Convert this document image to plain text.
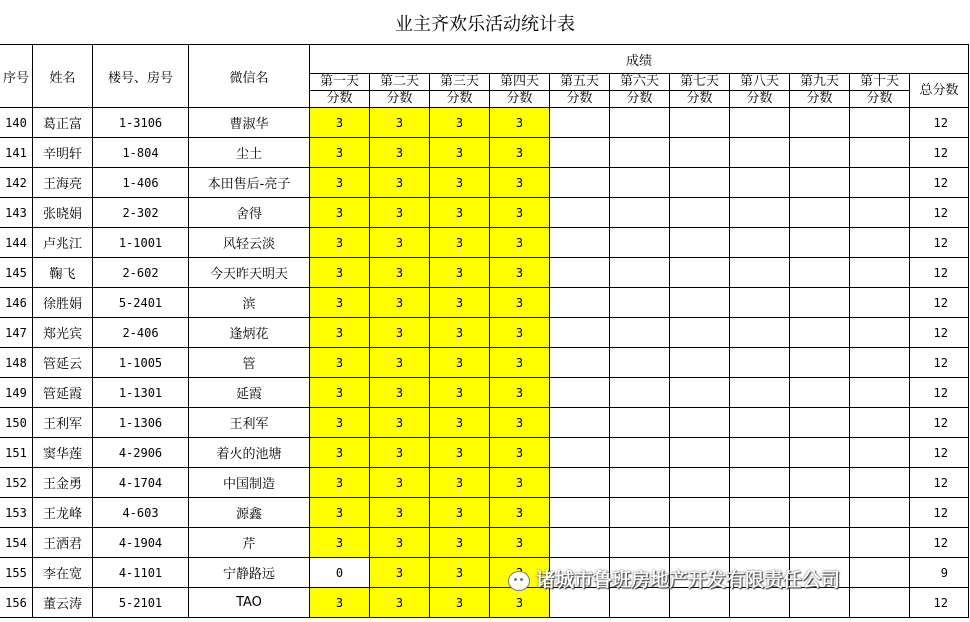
业主齐欢乐活动统计表
序号	姓名	楼号、房号	微信名	成绩										
				第一天	第二天	第三天	第四天	第五天	第六天	第七天	第八天	第九天	第十天	总分数
				分数	分数	分数	分数	分数	分数	分数	分数	分数	分数	
140	葛正富	1-3106	曹淑华	3	3	3	3							12
141	辛明轩	1-804	尘土	3	3	3	3							12
142	王海亮	1-406	本田售后-亮子	3	3	3	3							12
143	张晓娟	2-302	舍得	3	3	3	3							12
144	卢兆江	1-1001	风轻云淡	3	3	3	3							12
145	鞠飞	2-602	今天昨天明天	3	3	3	3							12
146	徐胜娟	5-2401	滨	3	3	3	3							12
147	郑光宾	2-406	逢炳花	3	3	3	3							12
148	管延云	1-1005	管	3	3	3	3							12
149	管延霞	1-1301	延霞	3	3	3	3							12
150	王利军	1-1306	王利军	3	3	3	3							12
151	窦华莲	4-2906	着火的池塘	3	3	3	3							12
152	王金勇	4-1704	中国制造	3	3	3	3							12
153	王龙峰	4-603	源鑫	3	3	3	3							12
154	王洒君	4-1904	芹	3	3	3	3							12
155	李在宽	4-1101	宁静路远	0	3	3								9
156	董云涛	5-2101	TAO	3	3	3	3							12
诸城市鲁班房地产开发有限责任公司
